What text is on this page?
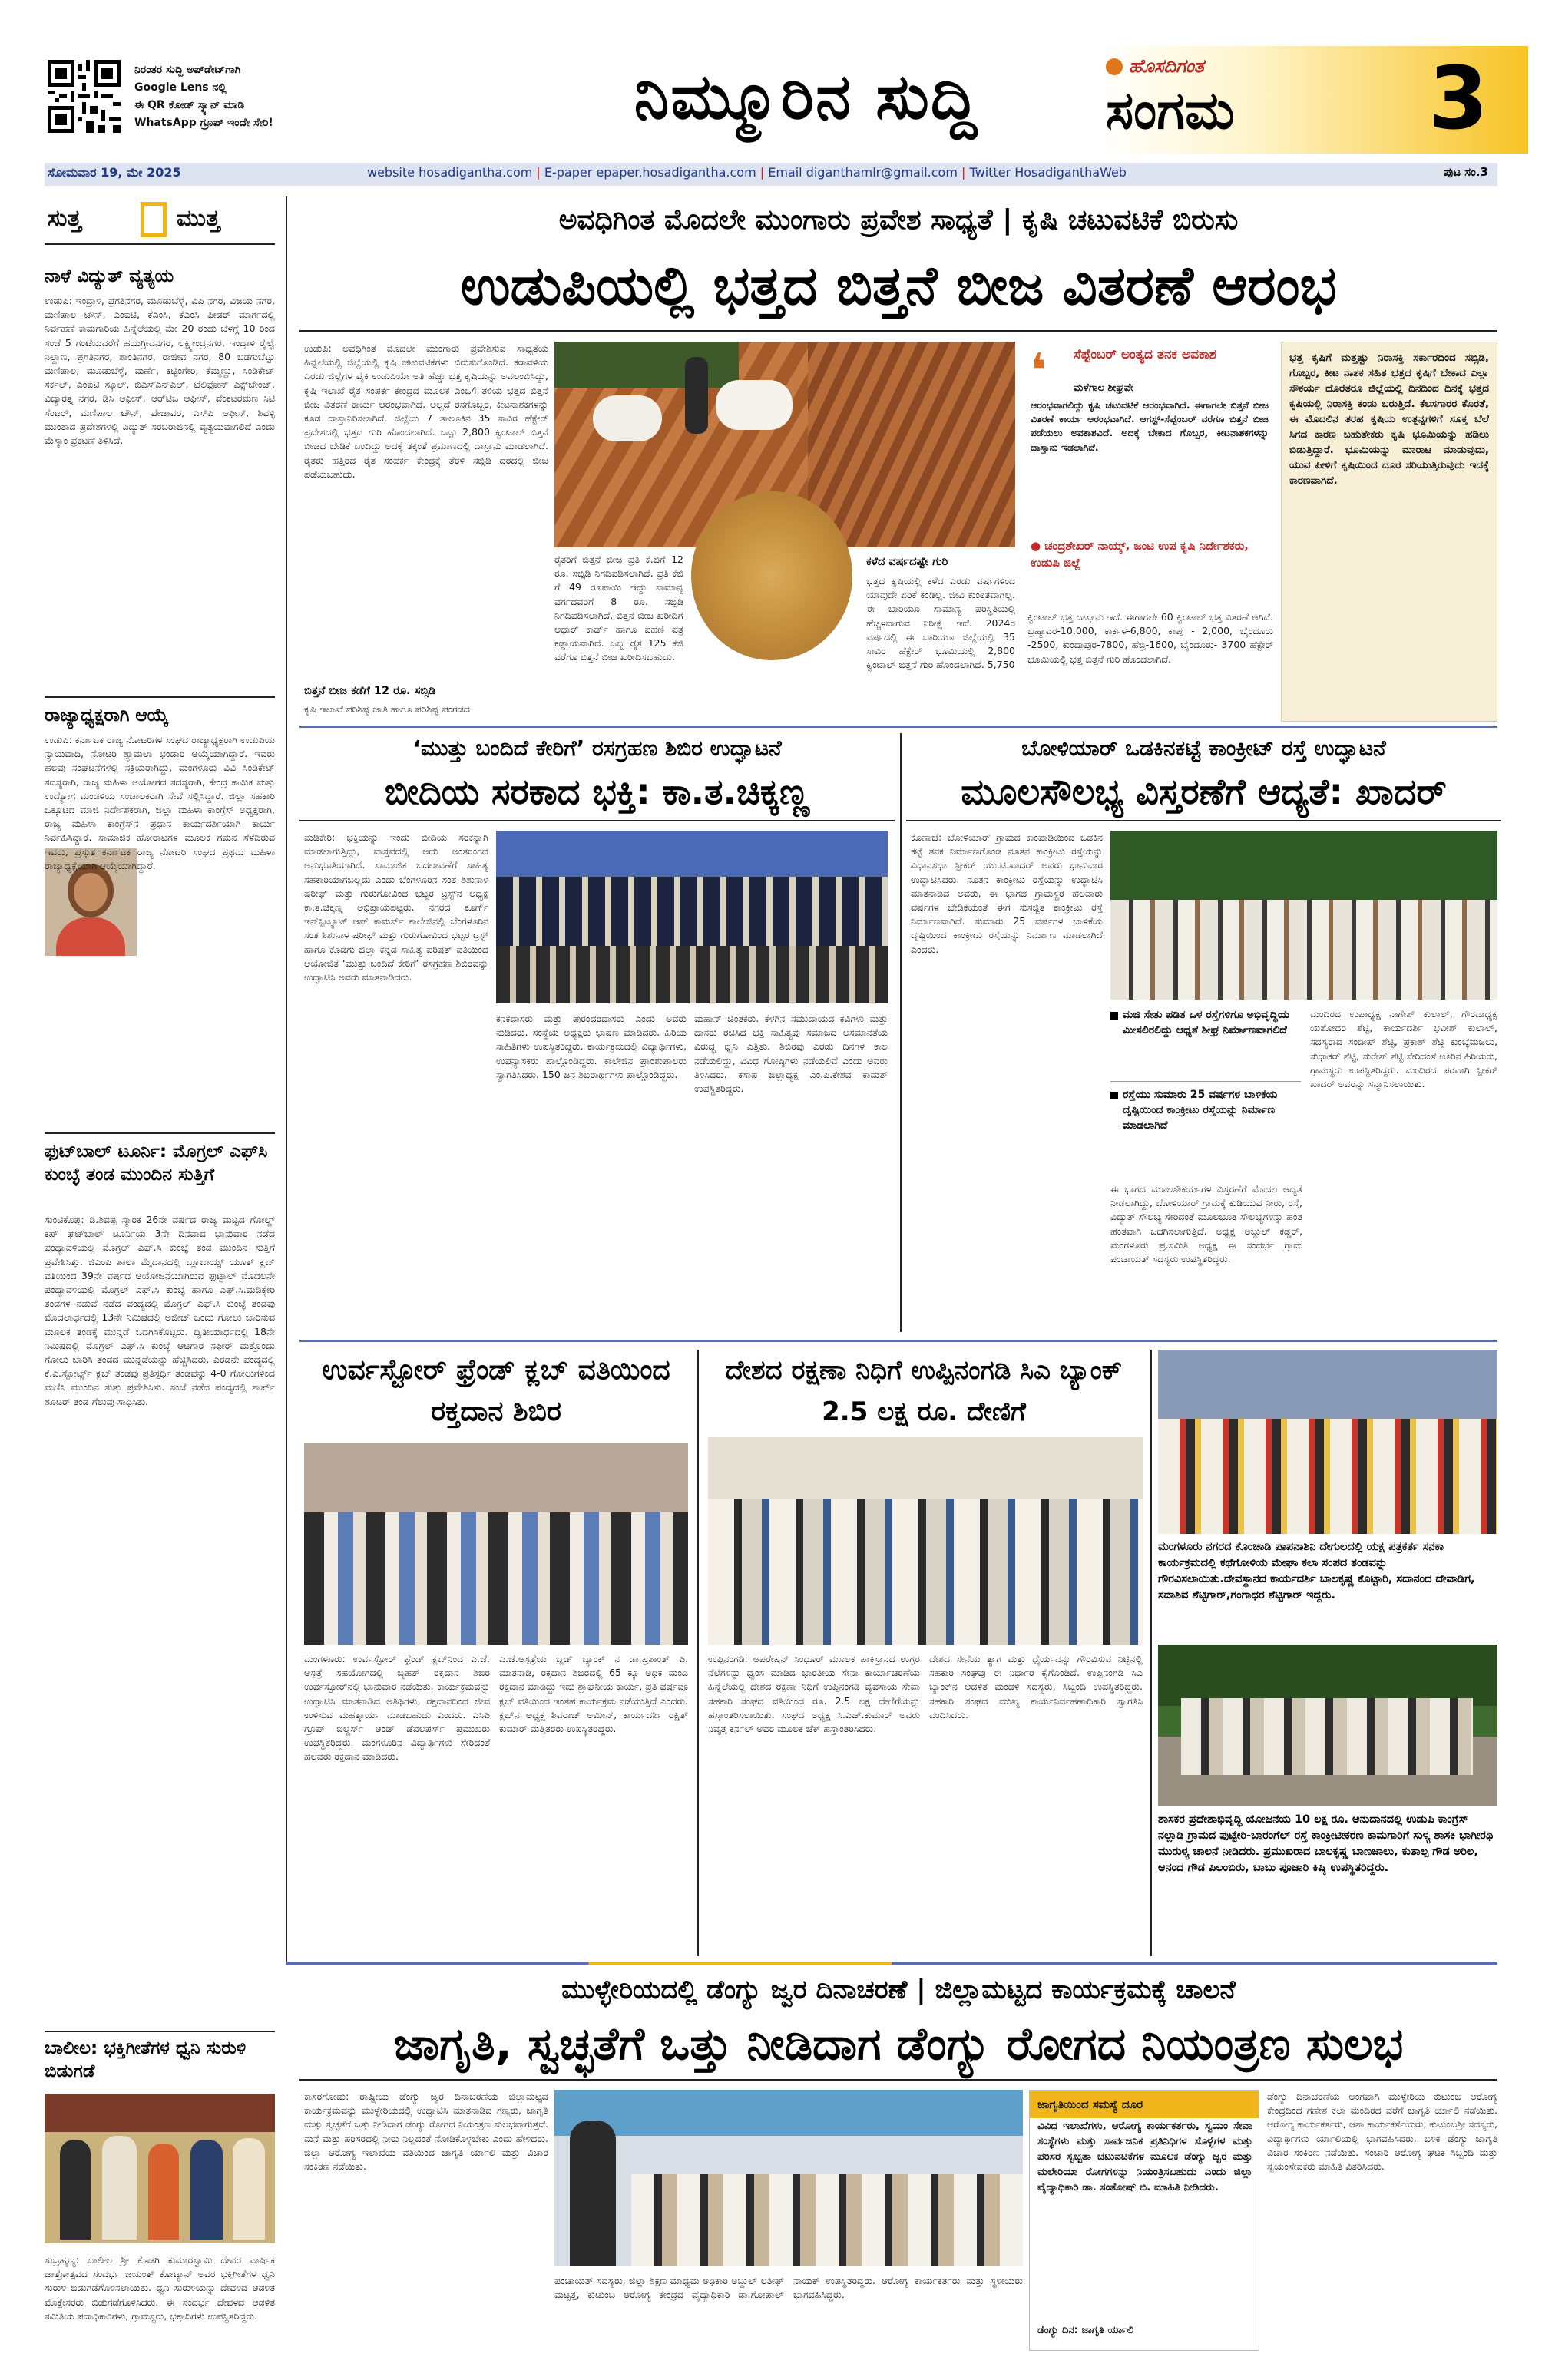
ನಿರಂತರ ಸುದ್ದಿ ಅಪ್‌ಡೇಟ್‌ಗಾಗಿ
Google Lens ನಲ್ಲಿ
ಈ QR ಕೋಡ್ ಸ್ಕ್ಯಾನ್ ಮಾಡಿ
WhatsApp ಗ್ರೂಪ್ ಇಂದೇ ಸೇರಿ!	ನಿಮ್ಮೂರಿನ ಸುದ್ದಿ	ಹೊಸದಿಗಂತ
ಸಂಗಮ 3
ಸೋಮವಾರ 19, ಮೇ 2025	website hosadigantha.com | E-paper epaper.hosadigantha.com | Email diganthamlr@gmail.com | Twitter HosadiganthaWeb	ಪುಟ ಸಂ.3
ಸುತ್ತ	ಮುತ್ತ
ನಾಳೆ ವಿದ್ಯುತ್ ವ್ಯತ್ಯಯ
ಉಡುಪಿ: ಇಂದ್ರಾಳಿ, ಪ್ರಗತಿನಗರ, ಮೂಡುಬೆಳ್ಳೆ, ವಿಪಿ ನಗರ, ವಿಜಯ ನಗರ, ಮಣಿಪಾಲ ಟೌನ್, ಎಂಐಟಿ, ಕೆಎಂಸಿ, ಕೆಎಂಸಿ ಫೀಡರ್ ಮಾರ್ಗದಲ್ಲಿ ನಿರ್ವಹಣೆ ಕಾಮಗಾರಿಯ ಹಿನ್ನೆಲೆಯಲ್ಲಿ ಮೇ 20 ರಂದು ಬೆಳಗ್ಗೆ 10 ರಿಂದ ಸಂಜೆ 5 ಗಂಟೆಯವರೆಗೆ ಹಯಗ್ರೀವನಗರ, ಲಕ್ಷ್ಮೀಂದ್ರನಗರ, ಇಂದ್ರಾಳಿ ರೈಲ್ವೆ ನಿಲ್ದಾಣ, ಪ್ರಗತಿನಗರ, ಶಾಂತಿನಗರ, ರಾಜೀವ ನಗರ, 80 ಬಡಗುಬೆಟ್ಟು ಮಣಿಪಾಲ, ಮೂಡುಬೆಳ್ಳೆ, ಮರ್ಣೆ, ಕಟ್ಟಿಂಗೇರಿ, ಕೆಮ್ಮಣ್ಣು, ಸಿಂಡಿಕೇಟ್ ಸರ್ಕಲ್, ಎಂಐಟಿ ಸ್ಕೂಲ್, ಬಿಎಸ್‌ಎನ್‌ಎಲ್, ಟೆಲಿಫೋನ್ ಎಕ್ಸ್‌ಚೇಂಜ್, ವಿದ್ಯಾರತ್ನ ನಗರ, ಡಿಸಿ ಆಫೀಸ್, ಆರ್‌ಟಿಒ ಆಫೀಸ್, ವೆಂಕಟರಮಣ ಸಿಟಿ ಸೆಂಟರ್, ಮಣಿಪಾಲ ಟೌನ್, ಪೇಜಾವರ, ಎಸ್‌ಪಿ ಆಫೀಸ್, ಶಿವಳ್ಳಿ ಮುಂತಾದ ಪ್ರದೇಶಗಳಲ್ಲಿ ವಿದ್ಯುತ್ ಸರಬರಾಜಿನಲ್ಲಿ ವ್ಯತ್ಯಯವಾಗಲಿದೆ ಎಂದು ಮೆಸ್ಕಾಂ ಪ್ರಕಟಣೆ ತಿಳಿಸಿದೆ.
ರಾಜ್ಯಾಧ್ಯಕ್ಷರಾಗಿ ಆಯ್ಕೆ
ಉಡುಪಿ: ಕರ್ನಾಟಕ ರಾಜ್ಯ ನೋಟರಿಗಳ ಸಂಘದ ರಾಜ್ಯಾಧ್ಯಕ್ಷರಾಗಿ ಉಡುಪಿಯ ನ್ಯಾಯವಾದಿ, ನೋಟರಿ ಶ್ಯಾಮಲಾ ಭಂಡಾರಿ ಆಯ್ಕೆಯಾಗಿದ್ದಾರೆ. ಇವರು ಹಲವು ಸಂಘಟನೆಗಳಲ್ಲಿ ಸಕ್ರಿಯರಾಗಿದ್ದು, ಮಂಗಳೂರು ವಿವಿ ಸಿಂಡಿಕೇಟ್ ಸದಸ್ಯರಾಗಿ, ರಾಜ್ಯ ಮಹಿಳಾ ಆಯೋಗದ ಸದಸ್ಯರಾಗಿ, ಕೇಂದ್ರ ಕಾಮಿಕ ಮತ್ತು ಉದ್ಯೋಗ ಮಂಡಳಿಯ ಸಂಚಾಲಕರಾಗಿ ಸೇವೆ ಸಲ್ಲಿಸಿದ್ದಾರೆ. ಜಿಲ್ಲಾ ಸಹಕಾರಿ ಒಕ್ಕೂಟದ ಮಾಜಿ ನಿರ್ದೇಶಕರಾಗಿ, ಜಿಲ್ಲಾ ಮಹಿಳಾ ಕಾಂಗ್ರೆಸ್ ಅಧ್ಯಕ್ಷರಾಗಿ, ರಾಜ್ಯ ಮಹಿಳಾ ಕಾಂಗ್ರೆಸ್‌ನ ಪ್ರಧಾನ ಕಾರ್ಯದರ್ಶಿಯಾಗಿ ಕಾರ್ಯ ನಿರ್ವಹಿಸಿದ್ದಾರೆ. ಸಾಮಾಜಿಕ ಹೋರಾಟಗಳ ಮೂಲಕ ಗಮನ ಸೆಳೆದಿರುವ ಇವರು, ಪ್ರಸ್ತುತ ಕರ್ನಾಟಕ ರಾಜ್ಯ ನೋಟರಿ ಸಂಘದ ಪ್ರಥಮ ಮಹಿಳಾ ರಾಜ್ಯಾಧ್ಯಕ್ಷೆಯಾಗಿ ಆಯ್ಕೆಯಾಗಿದ್ದಾರೆ.
ಫುಟ್‌ಬಾಲ್ ಟೂರ್ನಿ: ಮೊಗ್ರಲ್ ಎಫ್‌ಸಿ ಕುಂಬ್ಳೆ ತಂಡ ಮುಂದಿನ ಸುತ್ತಿಗೆ
ಸುಂಟಿಕೊಪ್ಪ: ಡಿ.ಶಿವಪ್ಪ ಸ್ಮಾರಕ 26ನೇ ವರ್ಷದ ರಾಜ್ಯ ಮಟ್ಟದ ಗೋಲ್ಡ್ ಕಪ್ ಫುಟ್‌ಬಾಲ್ ಟೂರ್ನಿಯ 3ನೇ ದಿನವಾದ ಭಾನುವಾರ ನಡೆದ ಪಂದ್ಯಾವಳಿಯಲ್ಲಿ ಮೊಗ್ರಲ್ ಎಫ್.ಸಿ ಕುಂಬ್ಳೆ ತಂಡ ಮುಂದಿನ ಸುತ್ತಿಗೆ ಪ್ರವೇಶಿಸಿತ್ತು. ಜಿಎಂಪಿ ಶಾಲಾ ಮೈದಾನದಲ್ಲಿ ಬ್ಲೂಬಾಯ್ಸ್ ಯೂತ್ ಕ್ಲಬ್ ವತಿಯಿಂದ 39ನೇ ವರ್ಷದ ಆಯೋಜನೆಯಾಗಿರುವ ಫುಟ್ಬಾಲ್ ಮೊದಲನೇ ಪಂದ್ಯಾವಳಿಯಲ್ಲಿ ಮೊಗ್ರಲ್ ಎಫ್.ಸಿ ಕುಂಬ್ಳೆ ಹಾಗೂ ಎಫ್.ಸಿ.ಮಡಿಕ್ಕೇರಿ ತಂಡಗಳ ನಡುವೆ ನಡೆದ ಪಂದ್ಯದಲ್ಲಿ ಮೊಗ್ರಲ್ ಎಫ್.ಸಿ ಕುಂಬ್ಳೆ ತಂಡವು ಮೊದಲಾರ್ಧದಲ್ಲಿ 13ನೇ ನಿಮಿಷದಲ್ಲಿ ಅಜೀಜ್ ಒಂದು ಗೋಲು ಬಾರಿಸುವ ಮೂಲಕ ತಂಡಕ್ಕೆ ಮುನ್ನಡೆ ಒದಗಿಸಿಕೊಟ್ಟರು. ದ್ವಿತೀಯಾರ್ಧದಲ್ಲಿ 18ನೇ ನಿಮಿಷದಲ್ಲಿ ಮೊಗ್ರಲ್ ಎಫ್.ಸಿ ಕುಂಬ್ಳೆ ಆಟಗಾರ ಸಫೀರ್ ಮತ್ತೊಂದು ಗೋಲು ಬಾರಿಸಿ ತಂಡದ ಮುನ್ನಡೆಯನ್ನು ಹೆಚ್ಚಿಸಿದರು. ಎರಡನೇ ಪಂದ್ಯದಲ್ಲಿ ಕೆ.ಎ.ಸ್ಪೋರ್ಟ್ಸ್ ಕ್ಲಬ್ ತಂಡವು ಪ್ರತಿಸ್ಪರ್ಧಿ ತಂಡವನ್ನು 4-0 ಗೋಲುಗಳಿಂದ ಮಣಿಸಿ ಮುಂದಿನ ಸುತ್ತು ಪ್ರವೇಶಿಸಿತು. ಸಂಜೆ ನಡೆದ ಪಂದ್ಯದಲ್ಲಿ ಶಾರ್ಪ್ ಶೂಟರ್ ತಂಡ ಗೆಲುವು ಸಾಧಿಸಿತು.
ಬಾಲೀಲ: ಭಕ್ತಿಗೀತೆಗಳ ಧ್ವನಿ ಸುರುಳಿ ಬಿಡುಗಡೆ
ಸುಬ್ರಹ್ಮಣ್ಯ: ಬಾಲೀಲ ಶ್ರೀ ಕೊಡಗಿ ಕುಮಾರಸ್ವಾಮಿ ದೇವರ ವಾರ್ಷಿಕ ಜಾತ್ರೋತ್ಸವದ ಸಂದರ್ಭ ಜಯಂತ್ ಕೋಟ್ಯಾನ್ ಅವರ ಭಕ್ತಿಗೀತೆಗಳ ಧ್ವನಿ ಸುರುಳಿ ಬಿಡುಗಡೆಗೊಳಿಸಲಾಯಿತು. ಧ್ವನಿ ಸುರುಳಿಯನ್ನು ದೇವಳದ ಆಡಳಿತ ಮೊಕ್ತೇಸರರು ಬಿಡುಗಡೆಗೊಳಿಸಿದರು. ಈ ಸಂದರ್ಭ ದೇವಳದ ಆಡಳಿತ ಸಮಿತಿಯ ಪದಾಧಿಕಾರಿಗಳು, ಗ್ರಾಮಸ್ಥರು, ಭಕ್ತಾದಿಗಳು ಉಪಸ್ಥಿತರಿದ್ದರು.
ಅವಧಿಗಿಂತ ಮೊದಲೇ ಮುಂಗಾರು ಪ್ರವೇಶ ಸಾಧ್ಯತೆ | ಕೃಷಿ ಚಟುವಟಿಕೆ ಬಿರುಸು
ಉಡುಪಿಯಲ್ಲಿ ಭತ್ತದ ಬಿತ್ತನೆ ಬೀಜ ವಿತರಣೆ ಆರಂಭ
ಉಡುಪಿ: ಅವಧಿಗಿಂತ ಮೊದಲೇ ಮುಂಗಾರು ಪ್ರವೇಶಿಸುವ ಸಾಧ್ಯತೆಯ ಹಿನ್ನೆಲೆಯಲ್ಲಿ ಜಿಲ್ಲೆಯಲ್ಲಿ ಕೃಷಿ ಚಟುವಟಿಕೆಗಳು ಬಿರುಸುಗೊಂಡಿದೆ. ಕರಾವಳಿಯ ಎರಡು ಜಿಲ್ಲೆಗಳ ಪೈಕಿ ಉಡುಪಿಯೇ ಅತಿ ಹೆಚ್ಚು ಭತ್ತ ಕೃಷಿಯನ್ನು ಅವಲಂಬಿಸಿದ್ದು, ಕೃಷಿ ಇಲಾಖೆ ರೈತ ಸಂಪರ್ಕ ಕೇಂದ್ರದ ಮೂಲಕ ಎಂಒ4 ತಳಿಯ ಭತ್ತದ ಬಿತ್ತನೆ ಬೀಜ ವಿತರಣೆ ಕಾರ್ಯ ಆರಂಭವಾಗಿದೆ. ಅಲ್ಲದೆ ರಸಗೊಬ್ಬರ, ಕೀಟನಾಶಕಗಳನ್ನು ಕೂಡ ದಾಸ್ತಾನಿರಿಸಲಾಗಿದೆ. ಜಿಲ್ಲೆಯ 7 ತಾಲೂಕಿನ 35 ಸಾವಿರ ಹೆಕ್ಟೇರ್ ಪ್ರದೇಶದಲ್ಲಿ ಭತ್ತದ ಗುರಿ ಹೊಂದಲಾಗಿದೆ. ಒಟ್ಟು 2,800 ಕ್ವಿಂಟಾಲ್ ಬಿತ್ತನೆ ಬೀಜದ ಬೇಡಿಕೆ ಬಂದಿದ್ದು ಅದಕ್ಕೆ ತಕ್ಕಂತೆ ಪ್ರಮಾಣದಲ್ಲಿ ದಾಸ್ತಾನು ಮಾಡಲಾಗಿದೆ. ರೈತರು ಹತ್ತಿರದ ರೈತ ಸಂಪರ್ಕ ಕೇಂದ್ರಕ್ಕೆ ತೆರಳಿ ಸಬ್ಸಿಡಿ ದರದಲ್ಲಿ ಬೀಜ ಪಡೆಯಬಹುದು.
ಬಿತ್ತನೆ ಬೀಜ ಕಡೆಗೆ 12 ರೂ. ಸಬ್ಸಿಡಿ
ಕೃಷಿ ಇಲಾಖೆ ಪರಿಶಿಷ್ಟ ಜಾತಿ ಹಾಗೂ ಪರಿಶಿಷ್ಟ ಪಂಗಡದ
ರೈತರಿಗೆ ಬಿತ್ತನೆ ಬೀಜ ಪ್ರತಿ ಕೆ.ಜಿಗೆ 12 ರೂ. ಸಬ್ಸಿಡಿ ನಿಗದಿಪಡಿಸಲಾಗಿದೆ. ಪ್ರತಿ ಕೆಜಿ ಗೆ 49 ರೂಪಾಯಿ ಇದ್ದು ಸಾಮಾನ್ಯ ವರ್ಗದವರಿಗೆ 8 ರೂ. ಸಬ್ಸಿಡಿ ನಿಗದಿಪಡಿಸಲಾಗಿದೆ. ಬಿತ್ತನೆ ಬೀಜ ಖರೀದಿಗೆ ಆಧಾರ್ ಕಾರ್ಡ್ ಹಾಗೂ ಪಹಣಿ ಪತ್ರ ಕಡ್ಡಾಯವಾಗಿದೆ. ಒಬ್ಬ ರೈತ 125 ಕೆಜಿ ವರೆಗೂ ಬಿತ್ತನೆ ಬೀಜ ಖರೀದಿಸಬಹುದು.
ಕಳೆದ ವರ್ಷದಷ್ಟೇ ಗುರಿ
ಭತ್ತದ ಕೃಷಿಯಲ್ಲಿ ಕಳೆದ ಎರಡು ವರ್ಷಗಳಿಂದ ಯಾವುದೇ ಏರಿಕೆ ಕಂಡಿಲ್ಲ. ಜೀವಿ ಕುಂಠಿತವಾಗಿಲ್ಲ. ಈ ಬಾರಿಯೂ ಸಾಮಾನ್ಯ ಪರಿಸ್ಥಿತಿಯಲ್ಲಿ ಹೆಚ್ಚಳವಾಗುವ ನಿರೀಕ್ಷೆ ಇದೆ. 2024ರ ವರ್ಷದಲ್ಲಿ ಈ ಬಾರಿಯೂ ಜಿಲ್ಲೆಯಲ್ಲಿ 35 ಸಾವಿರ ಹೆಕ್ಟೇರ್ ಭೂಮಿಯಲ್ಲಿ 2,800 ಕ್ವಿಂಟಾಲ್ ಬಿತ್ತನೆ ಗುರಿ ಹೊಂದಲಾಗಿದೆ. 5,750
❛ ಸೆಪ್ಟೆಂಬರ್ ಅಂತ್ಯದ ತನಕ ಅವಕಾಶ
ಮಳೆಗಾಲ ಶೀಘ್ರವೇ
ಆರಂಭವಾಗಲಿದ್ದು ಕೃಷಿ ಚಟುವಟಿಕೆ ಆರಂಭವಾಗಿದೆ. ಈಗಾಗಲೇ ಬಿತ್ತನೆ ಬೀಜ ವಿತರಣೆ ಕಾರ್ಯ ಆರಂಭವಾಗಿದೆ. ಆಗಸ್ಟ್-ಸೆಪ್ಟೆಂಬರ್ ವರೆಗೂ ಬಿತ್ತನೆ ಬೀಜ ಪಡೆಯಲು ಅವಕಾಶವಿದೆ. ಅದಕ್ಕೆ ಬೇಕಾದ ಗೊಬ್ಬರ, ಕೀಟನಾಶಕಗಳನ್ನು ದಾಸ್ತಾನು ಇಡಲಾಗಿದೆ.
● ಚಂದ್ರಶೇಖರ್ ನಾಯ್ಕ್, ಜಂಟಿ ಉಪ ಕೃಷಿ ನಿರ್ದೇಶಕರು, ಉಡುಪಿ ಜಿಲ್ಲೆ
ಕ್ವಿಂಟಾಲ್ ಭತ್ತ ದಾಸ್ತಾನು ಇದೆ. ಈಗಾಗಲೇ 60 ಕ್ವಿಂಟಾಲ್ ಭತ್ತ ವಿತರಣೆ ಆಗಿದೆ. ಬ್ರಹ್ಮಾವರ-10,000, ಕಾರ್ಕಳ-6,800, ಕಾಪು - 2,000, ಬೈಂದೂರು -2500, ಕುಂದಾಪುರ-7800, ಹೆಬ್ರಿ-1600, ಬೈಂದೂರು- 3700 ಹೆಕ್ಟೇರ್ ಭೂಮಿಯಲ್ಲಿ ಭತ್ತ ಬಿತ್ತನೆ ಗುರಿ ಹೊಂದಲಾಗಿದೆ.
ಭತ್ತ ಕೃಷಿಗೆ ಮತ್ತಷ್ಟು ನಿರಾಸಕ್ತಿ ಸರ್ಕಾರದಿಂದ ಸಬ್ಸಿಡಿ, ಗೊಬ್ಬರ, ಕೀಟ ನಾಶಕ ಸಹಿತ ಭತ್ತದ ಕೃಷಿಗೆ ಬೇಕಾದ ಎಲ್ಲಾ ಸೌಕರ್ಯ ದೊರೆತರೂ ಜಿಲ್ಲೆಯಲ್ಲಿ ದಿನದಿಂದ ದಿನಕ್ಕೆ ಭತ್ತದ ಕೃಷಿಯಲ್ಲಿ ನಿರಾಸಕ್ತಿ ಕಂಡು ಬರುತ್ತಿದೆ. ಕೆಲಸಗಾರರ ಕೊರತೆ, ಈ ಮೊದಲಿನ ತರಹ ಕೃಷಿಯ ಉತ್ಪನ್ನಗಳಿಗೆ ಸೂಕ್ತ ಬೆಲೆ ಸಿಗದ ಕಾರಣ ಬಹುತೇಕರು ಕೃಷಿ ಭೂಮಿಯನ್ನು ಹಡಿಲು ಬಿಡುತ್ತಿದ್ದಾರೆ. ಭೂಮಿಯನ್ನು ಮಾರಾಟ ಮಾಡುವುದು, ಯುವ ಪೀಳಿಗೆ ಕೃಷಿಯಿಂದ ದೂರ ಸರಿಯುತ್ತಿರುವುದು ಇದಕ್ಕೆ ಕಾರಣವಾಗಿದೆ.
‘ಮುತ್ತು ಬಂದಿದೆ ಕೇರಿಗೆ’ ರಸಗ್ರಹಣ ಶಿಬಿರ ಉದ್ಘಾಟನೆ
ಬೀದಿಯ ಸರಕಾದ ಭಕ್ತಿ: ಕಾ.ತ.ಚಿಕ್ಕಣ್ಣ
ಮಡಿಕೇರಿ: ಭಕ್ತಿಯನ್ನು ಇಂದು ಬೀದಿಯ ಸರಕನ್ನಾಗಿ ಮಾಡಲಾಗುತ್ತಿದ್ದು, ವಾಸ್ತವದಲ್ಲಿ ಅದು ಅಂತರಂಗದ ಅನುಭೂತಿಯಾಗಿದೆ. ಸಾಮಾಜಿಕ ಬದಲಾವಣೆಗೆ ಸಾಹಿತ್ಯ ಸಹಕಾರಿಯಾಗಬಲ್ಲದು ಎಂದು ಬೆಂಗಳೂರಿನ ಸಂತ ಶಿಶುನಾಳ ಷರೀಫ್ ಮತ್ತು ಗುರುಗೋವಿಂದ ಭಟ್ಟರ ಟ್ರಸ್ಟ್‌ನ ಅಧ್ಯಕ್ಷ ಕಾ.ತ.ಚಿಕ್ಕಣ್ಣ ಅಭಿಪ್ರಾಯಪಟ್ಟರು. ನಗರದ ಕೂರ್ಗ್ ಇನ್‌ಸ್ಟಿಟ್ಯೂಟ್ ಆಫ್ ಕಾಮರ್ಸ್ ಕಾಲೇಜಿನಲ್ಲಿ ಬೆಂಗಳೂರಿನ ಸಂತ ಶಿಶುನಾಳ ಷರೀಫ್ ಮತ್ತು ಗುರುಗೋವಿಂದ ಭಟ್ಟರ ಟ್ರಸ್ಟ್ ಹಾಗೂ ಕೊಡಗು ಜಿಲ್ಲಾ ಕನ್ನಡ ಸಾಹಿತ್ಯ ಪರಿಷತ್ ವತಿಯಿಂದ ಆಯೋಜಿತ ‘ಮುತ್ತು ಬಂದಿದೆ ಕೇರಿಗೆ’ ರಸಗ್ರಹಣ ಶಿಬಿರವನ್ನು ಉದ್ಘಾಟಿಸಿ ಅವರು ಮಾತನಾಡಿದರು.
ಕನಕದಾಸರು ಮತ್ತು ಪುರಂದರದಾಸರು ಎಂದು ಅವರು ನುಡಿದರು. ಸಂಸ್ಥೆಯ ಅಧ್ಯಕ್ಷರು ಭಾಷಣ ಮಾಡಿದರು. ಹಿರಿಯ ಸಾಹಿತಿಗಳು ಉಪಸ್ಥಿತರಿದ್ದರು. ಕಾರ್ಯಕ್ರಮದಲ್ಲಿ ವಿದ್ಯಾರ್ಥಿಗಳು, ಉಪನ್ಯಾಸಕರು ಪಾಲ್ಗೊಂಡಿದ್ದರು. ಕಾಲೇಜಿನ ಪ್ರಾಂಶುಪಾಲರು ಸ್ವಾಗತಿಸಿದರು. 150 ಜನ ಶಿಬಿರಾರ್ಥಿಗಳು ಪಾಲ್ಗೊಂಡಿದ್ದರು.
ಮಹಾನ್ ಚಿಂತಕರು. ಕೆಳಗಿನ ಸಮುದಾಯದ ಕವಿಗಳು ಮತ್ತು ದಾಸರು ರಚಿಸಿದ ಭಕ್ತಿ ಸಾಹಿತ್ಯವು ಸಮಾಜದ ಅಸಮಾನತೆಯ ವಿರುದ್ಧ ಧ್ವನಿ ಎತ್ತಿತು. ಶಿಬಿರವು ಎರಡು ದಿನಗಳ ಕಾಲ ನಡೆಯಲಿದ್ದು, ವಿವಿಧ ಗೋಷ್ಠಿಗಳು ನಡೆಯಲಿವೆ ಎಂದು ಅವರು ತಿಳಿಸಿದರು. ಕಸಾಪ ಜಿಲ್ಲಾಧ್ಯಕ್ಷ ಎಂ.ಪಿ.ಕೇಶವ ಕಾಮತ್ ಉಪಸ್ಥಿತರಿದ್ದರು.
ಬೋಳಿಯಾರ್ ಒಡಕಿನಕಟ್ಟೆ ಕಾಂಕ್ರೀಟ್ ರಸ್ತೆ ಉದ್ಘಾಟನೆ
ಮೂಲಸೌಲಭ್ಯ ವಿಸ್ತರಣೆಗೆ ಆದ್ಯತೆ: ಖಾದರ್
ಕೊಣಾಜೆ: ಬೋಳಿಯಾರ್ ಗ್ರಾಮದ ಕಾಂಪಾಡಿಯಿಂದ ಒಡಕಿನ ಕಟ್ಟೆ ತನಕ ನಿರ್ಮಾಣಗೊಂಡ ನೂತನ ಕಾಂಕ್ರೀಟು ರಸ್ತೆಯನ್ನು ವಿಧಾನಸಭಾ ಸ್ಪೀಕರ್ ಯು.ಟಿ.ಖಾದರ್ ಅವರು ಭಾನುವಾರ ಉದ್ಘಾಟಿಸಿದರು. ನೂತನ ಕಾಂಕ್ರೀಟು ರಸ್ತೆಯನ್ನು ಉದ್ಘಾಟಿಸಿ ಮಾತನಾಡಿದ ಅವರು, ಈ ಭಾಗದ ಗ್ರಾಮಸ್ಥರ ಹಲವಾರು ವರ್ಷಗಳ ಬೇಡಿಕೆಯಂತೆ ಈಗ ಸುಸಜ್ಜಿತ ಕಾಂಕ್ರೀಟು ರಸ್ತೆ ನಿರ್ಮಾಣವಾಗಿದೆ. ಸುಮಾರು 25 ವರ್ಷಗಳ ಬಾಳಿಕೆಯ ದೃಷ್ಟಿಯಿಂದ ಕಾಂಕ್ರೀಟು ರಸ್ತೆಯನ್ನು ನಿರ್ಮಾಣ ಮಾಡಲಾಗಿದೆ ಎಂದರು.
ಮಜಿ ಸೇತು ಪಡಿತ ಒಳ ರಸ್ತೆಗಳಿಗೂ ಅಭಿವೃದ್ಧಿಯ ಮೀಸಲಿರಲಿದ್ದು ಆಧ್ಯತೆ ಶೀಘ್ರ ನಿರ್ಮಾಣವಾಗಲಿದೆ
ರಸ್ತೆಯು ಸುಮಾರು 25 ವರ್ಷಗಳ ಬಾಳಿಕೆಯ ದೃಷ್ಟಿಯಿಂದ ಕಾಂಕ್ರೀಟು ರಸ್ತೆಯನ್ನು ನಿರ್ಮಾಣ ಮಾಡಲಾಗಿದೆ
ಈ ಭಾಗದ ಮೂಲಸೌಕರ್ಯಗಳ ವಿಸ್ತರಣೆಗೆ ಮೊದಲ ಆದ್ಯತೆ ನೀಡಲಾಗಿದ್ದು, ಬೋಳಿಯಾರ್ ಗ್ರಾಮಕ್ಕೆ ಕುಡಿಯುವ ನೀರು, ರಸ್ತೆ, ವಿದ್ಯುತ್ ಸೌಲಭ್ಯ ಸೇರಿದಂತೆ ಮೂಲಭೂತ ಸೌಲಭ್ಯಗಳನ್ನು ಹಂತ ಹಂತವಾಗಿ ಒದಗಿಸಲಾಗುತ್ತಿದೆ. ಅಧ್ಯಕ್ಷ ಅಬ್ದುಲ್ ಕಡ್ಡರ್, ಮಂಗಳೂರು ಪ್ರ.ಸಮಿತಿ ಅಧ್ಯಕ್ಷ ಈ ಸಂದರ್ಭ ಗ್ರಾಮ ಪಂಚಾಯತ್ ಸದಸ್ಯರು ಉಪಸ್ಥಿತರಿದ್ದರು.
ಮಂದಿರದ ಉಪಾಧ್ಯಕ್ಷ ನಾಗೇಶ್ ಕುಲಾಲ್, ಗೌರವಾಧ್ಯಕ್ಷ ಯಶೋಧರ ಶೆಟ್ಟಿ, ಕಾರ್ಯದರ್ಶಿ ಭವೀಶ್ ಕುಲಾಲ್, ಸದಸ್ಯರಾದ ಸಂದೀಪ್ ಶೆಟ್ಟಿ, ಪ್ರಕಾಶ್ ಶೆಟ್ಟಿ ಕುಂಬ್ಳೆಮಜಲು, ಸುಧಾಕರ್ ಶೆಟ್ಟಿ, ಸುರೇಶ್ ಶೆಟ್ಟಿ ಸೇರಿದಂತೆ ಊರಿನ ಹಿರಿಯರು, ಗ್ರಾಮಸ್ಥರು ಉಪಸ್ಥಿತರಿದ್ದರು. ಮಂದಿರದ ಪರವಾಗಿ ಸ್ಪೀಕರ್ ಖಾದರ್ ಅವರನ್ನು ಸನ್ಮಾನಿಸಲಾಯಿತು.
ಉರ್ವಸ್ಟೋರ್ ಫ್ರೆಂಡ್ ಕ್ಲಬ್ ವತಿಯಿಂದ ರಕ್ತದಾನ ಶಿಬಿರ
ಮಂಗಳೂರು: ಉರ್ವಸ್ಟೋರ್ ಫ್ರೆಂಡ್ ಕ್ಲಬ್‌ನಿಂದ ಎ.ಜೆ. ಆಸ್ಪತ್ರೆ ಸಹಯೋಗದಲ್ಲಿ ಬೃಹತ್ ರಕ್ತದಾನ ಶಿಬಿರ ಉರ್ವಸ್ಟೋರ್‌ನಲ್ಲಿ ಭಾನುವಾರ ನಡೆಯಿತು. ಕಾರ್ಯಕ್ರಮವನ್ನು ಉದ್ಘಾಟಿಸಿ ಮಾತನಾಡಿದ ಅತಿಥಿಗಳು, ರಕ್ತದಾನದಿಂದ ಜೀವ ಉಳಿಸುವ ಮಹತ್ಕಾರ್ಯ ಮಾಡಬಹುದು ಎಂದರು. ಎಸಿಪಿ ಗ್ರೂಪ್ ಬಿಲ್ಡರ್ಸ್ ಆಂಡ್ ಡೆವಲಪರ್ಸ್ ಪ್ರಮುಖರು ಉಪಸ್ಥಿತರಿದ್ದರು. ಮಂಗಳೂರಿನ ವಿದ್ಯಾರ್ಥಿಗಳು ಸೇರಿದಂತೆ ಹಲವರು ರಕ್ತದಾನ ಮಾಡಿದರು.
ಎ.ಜೆ.ಆಸ್ಪತ್ರೆಯ ಬ್ಲಡ್ ಬ್ಯಾಂಕ್ ನ ಡಾ.ಪ್ರಶಾಂತ್ ಪಿ. ಮಾತನಾಡಿ, ರಕ್ತದಾನ ಶಿಬಿರದಲ್ಲಿ 65 ಕ್ಕೂ ಅಧಿಕ ಮಂದಿ ರಕ್ತದಾನ ಮಾಡಿದ್ದು ಇದು ಶ್ಲಾಘನೀಯ ಕಾರ್ಯ. ಪ್ರತಿ ವರ್ಷವೂ ಕ್ಲಬ್ ವತಿಯಿಂದ ಇಂತಹ ಕಾರ್ಯಕ್ರಮ ನಡೆಯುತ್ತಿದೆ ಎಂದರು. ಕ್ಲಬ್‌ನ ಅಧ್ಯಕ್ಷ ಶಿವರಾಜ್ ಅಮೀನ್, ಕಾರ್ಯದರ್ಶಿ ರಕ್ಷಿತ್ ಕುಮಾರ್ ಮತ್ತಿತರರು ಉಪಸ್ಥಿತರಿದ್ದರು.
ದೇಶದ ರಕ್ಷಣಾ ನಿಧಿಗೆ ಉಪ್ಪಿನಂಗಡಿ ಸಿಎ ಬ್ಯಾಂಕ್ 2.5 ಲಕ್ಷ ರೂ. ದೇಣಿಗೆ
ಉಪ್ಪಿನಂಗಡಿ: ಆಪರೇಷನ್ ಸಿಂಧೂರ್ ಮೂಲಕ ಪಾಕಿಸ್ತಾನದ ಉಗ್ರರ ನೆಲೆಗಳನ್ನು ಧ್ವಂಸ ಮಾಡಿದ ಭಾರತೀಯ ಸೇನಾ ಕಾರ್ಯಾಚರಣೆಯ ಹಿನ್ನೆಲೆಯಲ್ಲಿ ದೇಶದ ರಕ್ಷಣಾ ನಿಧಿಗೆ ಉಪ್ಪಿನಂಗಡಿ ವ್ಯವಸಾಯ ಸೇವಾ ಸಹಕಾರಿ ಸಂಘದ ವತಿಯಿಂದ ರೂ. 2.5 ಲಕ್ಷ ದೇಣಿಗೆಯನ್ನು ಹಸ್ತಾಂತರಿಸಲಾಯಿತು. ಸಂಘದ ಅಧ್ಯಕ್ಷ ಸಿ.ಎಚ್.ಕುಮಾರ್ ಅವರು ನಿವೃತ್ತ ಕರ್ನಲ್ ಅವರ ಮೂಲಕ ಚೆಕ್ ಹಸ್ತಾಂತರಿಸಿದರು.
ದೇಶದ ಸೇನೆಯ ತ್ಯಾಗ ಮತ್ತು ಧೈರ್ಯವನ್ನು ಗೌರವಿಸುವ ನಿಟ್ಟಿನಲ್ಲಿ ಸಹಕಾರಿ ಸಂಘವು ಈ ನಿರ್ಧಾರ ಕೈಗೊಂಡಿದೆ. ಉಪ್ಪಿನಂಗಡಿ ಸಿಎ ಬ್ಯಾಂಕ್‌ನ ಆಡಳಿತ ಮಂಡಳಿ ಸದಸ್ಯರು, ಸಿಬ್ಬಂದಿ ಉಪಸ್ಥಿತರಿದ್ದರು. ಸಹಕಾರಿ ಸಂಘದ ಮುಖ್ಯ ಕಾರ್ಯನಿರ್ವಹಣಾಧಿಕಾರಿ ಸ್ವಾಗತಿಸಿ ವಂದಿಸಿದರು.
ಮಂಗಳೂರು ನಗರದ ಕೊಂಚಾಡಿ ಪಾಪನಾಶಿನಿ ದೇಗುಲದಲ್ಲಿ ಯಕ್ಷ ಪತ್ರಕರ್ತ ಸನಕಾ ಕಾರ್ಯಕ್ರಮದಲ್ಲಿ ಕಥೆಗೋಳಿಯ ಮೇಘಾ ಕಲಾ ಸಂಪದ ತಂಡವನ್ನು ಗೌರವಿಸಲಾಯಿತು.ದೇವಸ್ಥಾನದ ಕಾರ್ಯದರ್ಶಿ ಬಾಲಕೃಷ್ಣ ಕೊಟ್ಟಾರಿ, ಸದಾನಂದ ದೇವಾಡಿಗ, ಸದಾಶಿವ ಶೆಟ್ಟಿಗಾರ್,ಗಂಗಾಧರ ಶೆಟ್ಟಿಗಾರ್ ಇದ್ದರು.
ಶಾಸಕರ ಪ್ರದೇಶಾಭಿವೃದ್ಧಿ ಯೋಜನೆಯ 10 ಲಕ್ಷ ರೂ. ಅನುದಾನದಲ್ಲಿ ಉಡುಪಿ ಕಾಂಗ್ರೆಸ್ ನಲ್ಲಾಡಿ ಗ್ರಾಮದ ಪುಟ್ಟೇರಿ-ಬಾರಂಗೆಲ್ ರಸ್ತೆ ಕಾಂಕ್ರೀಟೀಕರಣ ಕಾಮಗಾರಿಗೆ ಸುಳ್ಯ ಶಾಸಕಿ ಭಾಗೀರಥಿ ಮುರುಳ್ಯ ಚಾಲನೆ ನೀಡಿದರು. ಪ್ರಮುಖರಾದ ಬಾಲಕೃಷ್ಣ ಬಾಣಜಾಲು, ಕುತಾಲ್ಪ ಗೌಡ ಅರಿಲ, ಆನಂದ ಗೌಡ ಪಿಲಂಬಿರು, ಬಾಬು ಪೂಜಾರಿ ಕಿಷ್ಕಿ ಉಪಸ್ಥಿತರಿದ್ದರು.
ಮುಳ್ಳೇರಿಯದಲ್ಲಿ ಡೆಂಗ್ಯು ಜ್ವರ ದಿನಾಚರಣೆ | ಜಿಲ್ಲಾಮಟ್ಟದ ಕಾರ್ಯಕ್ರಮಕ್ಕೆ ಚಾಲನೆ
ಜಾಗೃತಿ, ಸ್ವಚ್ಛತೆಗೆ ಒತ್ತು ನೀಡಿದಾಗ ಡೆಂಗ್ಯು ರೋಗದ ನಿಯಂತ್ರಣ ಸುಲಭ
ಕಾಸರಗೋಡು: ರಾಷ್ಟ್ರೀಯ ಡೆಂಗ್ಯು ಜ್ವರ ದಿನಾಚರಣೆಯ ಜಿಲ್ಲಾಮಟ್ಟದ ಕಾರ್ಯಕ್ರಮವನ್ನು ಮುಳ್ಳೇರಿಯದಲ್ಲಿ ಉದ್ಘಾಟಿಸಿ ಮಾತನಾಡಿದ ಗಣ್ಯರು, ಜಾಗೃತಿ ಮತ್ತು ಸ್ವಚ್ಛತೆಗೆ ಒತ್ತು ನೀಡಿದಾಗ ಡೆಂಗ್ಯು ರೋಗದ ನಿಯಂತ್ರಣ ಸುಲಭವಾಗುತ್ತದೆ. ಮನೆ ಮತ್ತು ಪರಿಸರದಲ್ಲಿ ನೀರು ನಿಲ್ಲದಂತೆ ನೋಡಿಕೊಳ್ಳಬೇಕು ಎಂದು ಹೇಳಿದರು. ಜಿಲ್ಲಾ ಆರೋಗ್ಯ ಇಲಾಖೆಯ ವತಿಯಿಂದ ಜಾಗೃತಿ ರ್ಯಾಲಿ ಮತ್ತು ವಿಚಾರ ಸಂಕಿರಣ ನಡೆಯಿತು.
ಪಂಚಾಯತ್ ಸದಸ್ಯರು, ಜಿಲ್ಲಾ ಶಿಕ್ಷಣ ಮಾಧ್ಯಮ ಅಧಿಕಾರಿ ಅಬ್ದುಲ್ ಲತೀಫ್ ಮಟ್ಟತ್ತ, ಕುಟುಂಬ ಆರೋಗ್ಯ ಕೇಂದ್ರದ ವೈದ್ಯಾಧಿಕಾರಿ ಡಾ.ಗೋಪಾಲ್ ನಾಯಕ್ ಉಪಸ್ಥಿತರಿದ್ದರು. ಆರೋಗ್ಯ ಕಾರ್ಯಕರ್ತರು ಮತ್ತು ಸ್ಥಳೀಯರು ಭಾಗವಹಿಸಿದ್ದರು.
ಜಾಗೃತಿಯಿಂದ ಸಮಸ್ಯೆ ದೂರ
ವಿವಿಧ ಇಲಾಖೆಗಳು, ಆರೋಗ್ಯ ಕಾರ್ಯಕರ್ತರು, ಸ್ವಯಂ ಸೇವಾ ಸಂಸ್ಥೆಗಳು ಮತ್ತು ಸಾರ್ವಜನಿಕ ಪ್ರತಿನಿಧಿಗಳ ಸೊಳ್ಳೆಗಳ ಮತ್ತು ಪರಿಸರ ಸ್ವಚ್ಛತಾ ಚಟುವಟಿಕೆಗಳ ಮೂಲಕ ಡೆಂಗ್ಯು ಜ್ವರ ಮತ್ತು ಮಲೇರಿಯಾ ರೋಗಗಳನ್ನು ನಿಯಂತ್ರಿಸಬಹುದು ಎಂದು ಜಿಲ್ಲಾ ವೈದ್ಯಾಧಿಕಾರಿ ಡಾ. ಸಂತೋಷ್ ಬಿ. ಮಾಹಿತಿ ನೀಡಿದರು.
ಡೆಂಗ್ಯು ದಿನ: ಜಾಗೃತಿ ರ್ಯಾಲಿ
ಡೆಂಗ್ಯು ದಿನಾಚರಣೆಯ ಅಂಗವಾಗಿ ಮುಳ್ಳೇರಿಯ ಕುಟುಂಬ ಆರೋಗ್ಯ ಕೇಂದ್ರದಿಂದ ಗಣೇಶ ಕಲಾ ಮಂದಿರದ ವರೆಗೆ ಜಾಗೃತಿ ರ್ಯಾಲಿ ನಡೆಯಿತು. ಆರೋಗ್ಯ ಕಾರ್ಯಕರ್ತರು, ಆಶಾ ಕಾರ್ಯಕರ್ತೆಯರು, ಕುಟುಂಬಶ್ರೀ ಸದಸ್ಯರು, ವಿದ್ಯಾರ್ಥಿಗಳು ರ್ಯಾಲಿಯಲ್ಲಿ ಭಾಗವಹಿಸಿದರು. ಬಳಿಕ ಡೆಂಗ್ಯು ಜಾಗೃತಿ ವಿಚಾರ ಸಂಕಿರಣ ನಡೆಯಿತು. ಸಂಚಾರಿ ಆರೋಗ್ಯ ಘಟಕ ಸಿಬ್ಬಂದಿ ಮತ್ತು ಸ್ವಯಂಸೇವಕರು ಮಾಹಿತಿ ವಿತರಿಸಿದರು.
